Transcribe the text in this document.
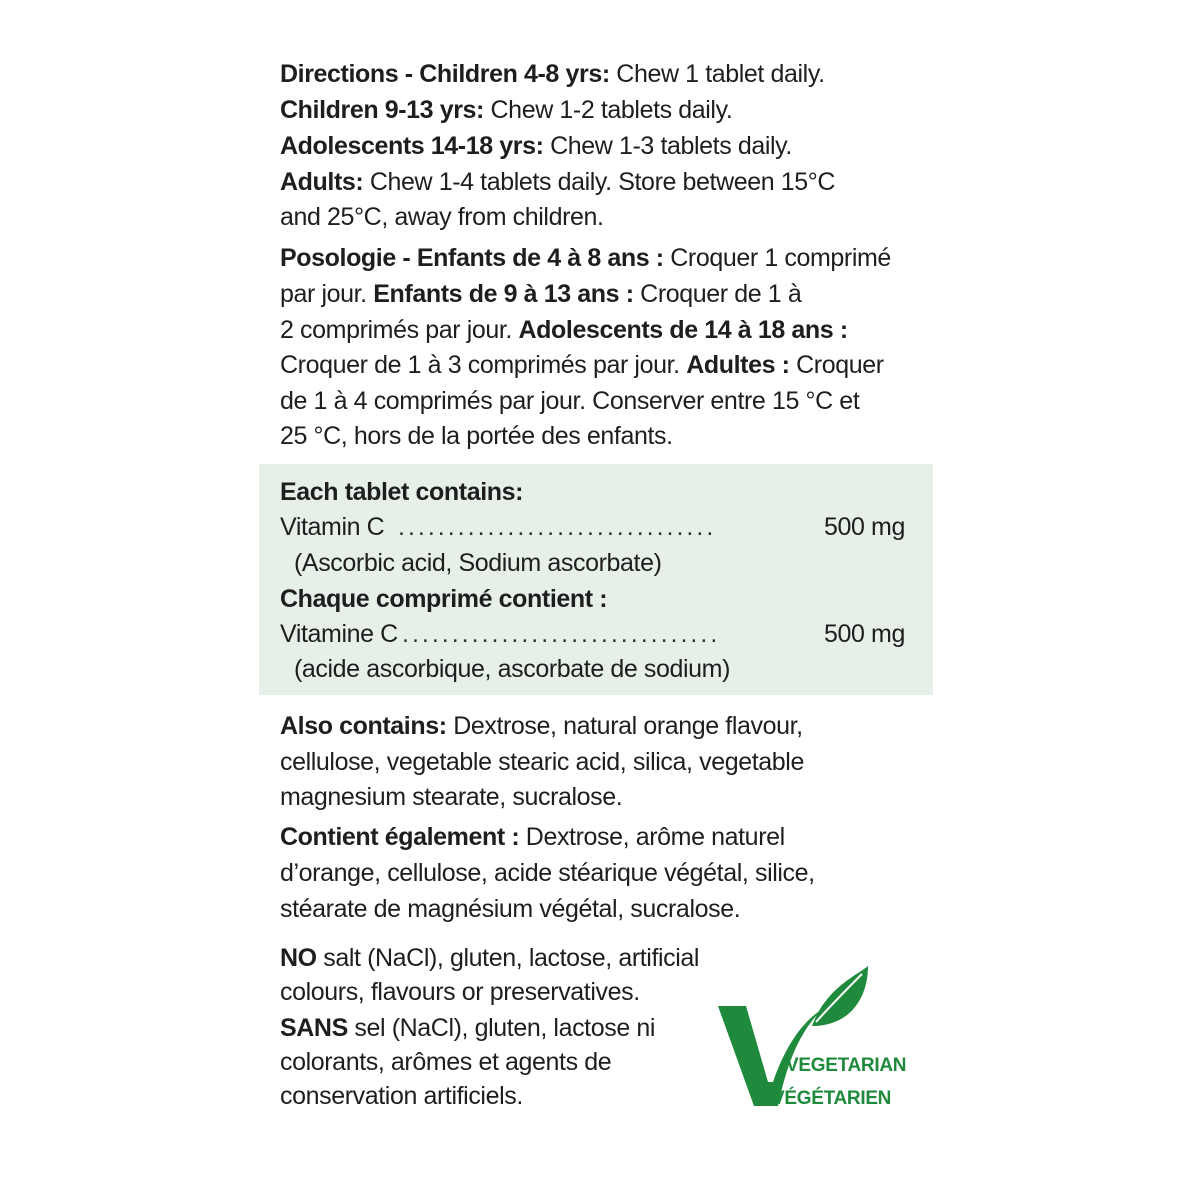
Directions - Children 4-8 yrs: Chew 1 tablet daily.
Children 9-13 yrs: Chew 1-2 tablets daily.
Adolescents 14-18 yrs: Chew 1-3 tablets daily.
Adults: Chew 1-4 tablets daily. Store between 15°C
and 25°C, away from children.
Posologie - Enfants de 4 à 8 ans : Croquer 1 comprimé
par jour. Enfants de 9 à 13 ans : Croquer de 1 à
2 comprimés par jour. Adolescents de 14 à 18 ans :
Croquer de 1 à 3 comprimés par jour. Adultes : Croquer
de 1 à 4 comprimés par jour. Conserver entre 15 °C et
25 °C, hors de la portée des enfants.
Each tablet contains:
Vitamin C ................................	500 mg
(Ascorbic acid, Sodium ascorbate)
Chaque comprimé contient :
Vitamine C ................................	500 mg
(acide ascorbique, ascorbate de sodium)
Also contains: Dextrose, natural orange flavour,
cellulose, vegetable stearic acid, silica, vegetable
magnesium stearate, sucralose.
Contient également : Dextrose, arôme naturel
d’orange, cellulose, acide stéarique végétal, silice,
stéarate de magnésium végétal, sucralose.
NO salt (NaCl), gluten, lactose, artificial
colours, flavours or preservatives.
SANS sel (NaCl), gluten, lactose ni
colorants, arômes et agents de
conservation artificiels.
VEGETARIAN
VÉGÉTARIEN
